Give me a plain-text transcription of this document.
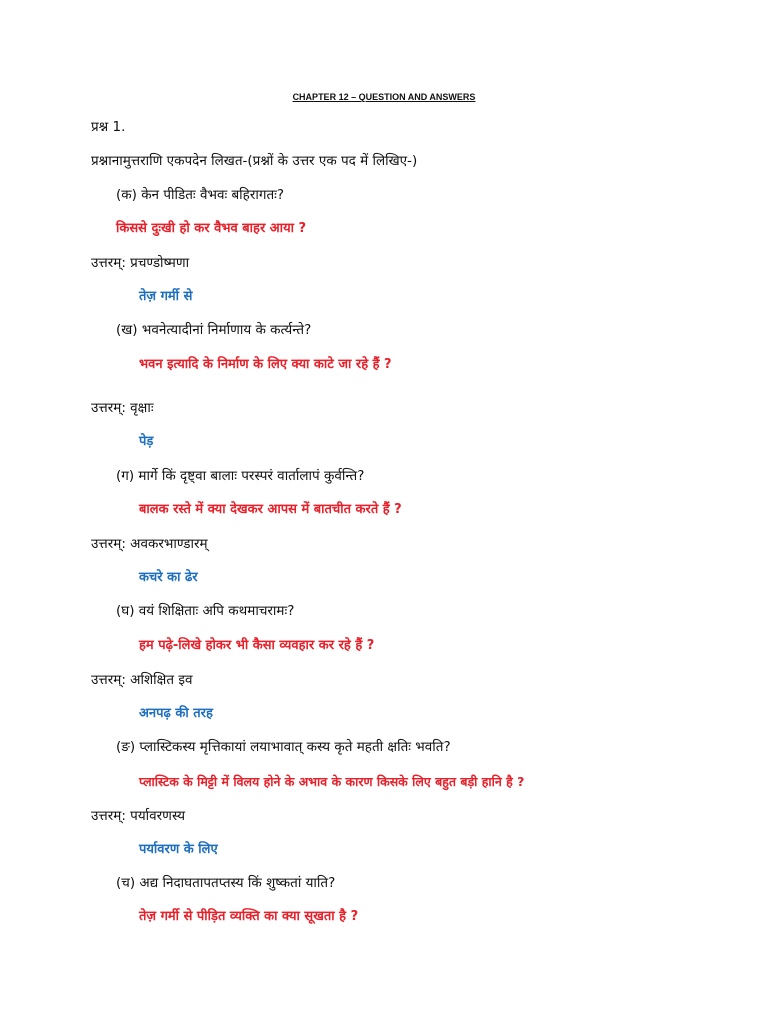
CHAPTER 12 – QUESTION AND ANSWERS
प्रश्न 1.
प्रश्नानामुत्तराणि एकपदेन लिखत-(प्रश्नों के उत्तर एक पद में लिखिए-)
(क) केन पीडितः वैभवः बहिरागतः?
किससे दुःखी हो कर वैभव बाहर आया ?
उत्तरम्: प्रचण्डोष्मणा
तेज़ गर्मी से
(ख) भवनेत्यादीनां निर्माणाय के कर्त्यन्ते?
भवन इत्यादि के निर्माण के लिए क्या काटे जा रहे हैं ?
उत्तरम्: वृक्षाः
पेड़
(ग) मार्गे किं दृष्ट्वा बालाः परस्परं वार्तालापं कुर्वन्ति?
बालक रस्ते में क्या देखकर आपस में बातचीत करते हैं ?
उत्तरम्: अवकरभाण्डारम्
कचरे का ढेर
(घ) वयं शिक्षिताः अपि कथमाचरामः?
हम पढ़े-लिखे होकर भी कैसा व्यवहार कर रहे हैं ?
उत्तरम्: अशिक्षित इव
अनपढ़ की तरह
(ङ) प्लास्टिकस्य मृत्तिकायां लयाभावात् कस्य कृते महती क्षतिः भवति?
प्लास्टिक के मिट्टी में विलय होने के अभाव के कारण किसके लिए बहुत बड़ी हानि है ?
उत्तरम्: पर्यावरणस्य
पर्यावरण के लिए
(च) अद्य निदाघतापतप्तस्य किं शुष्कतां याति?
तेज़ गर्मी से पीड़ित व्यक्ति का क्या सूखता है ?
